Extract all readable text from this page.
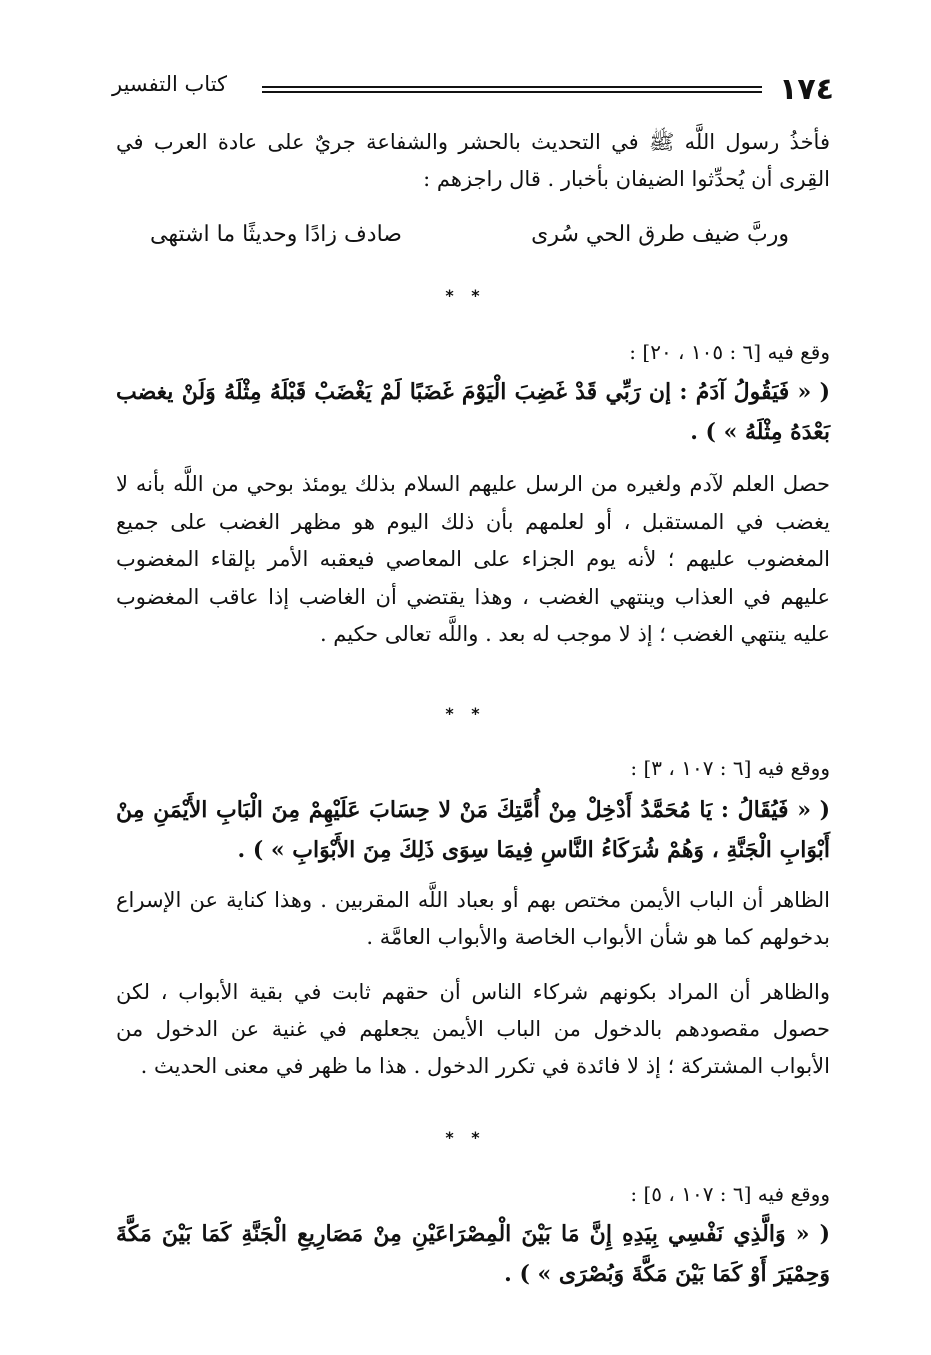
١٧٤
كتاب التفسير
فأخذُ رسول اللَّه ﷺ في التحديث بالحشر والشفاعة جريٌ على عادة العرب في القِرى أن يُحدِّثوا الضيفان بأخبار . قال راجزهم :
وربَّ ضيف طرق الحي سُرى
صادف زادًا وحديثًا ما اشتهى
* *
وقع فيه [٦ : ١٠٥ ، ٢٠] :
( « فَيَقُولُ آدَمُ : إن رَبِّي قَدْ غَضِبَ الْيَوْمَ غَضَبًا لَمْ يَغْضَبْ قَبْلَهُ مِثْلَهُ وَلَنْ يغضب بَعْدَهُ مِثْلَهُ » ) .
حصل العلم لآدم ولغيره من الرسل عليهم السلام بذلك يومئذ بوحي من اللَّه بأنه لا يغضب في المستقبل ، أو لعلمهم بأن ذلك اليوم هو مظهر الغضب على جميع المغضوب عليهم ؛ لأنه يوم الجزاء على المعاصي فيعقبه الأمر بإلقاء المغضوب عليهم في العذاب وينتهي الغضب ، وهذا يقتضي أن الغاضب إذا عاقب المغضوب عليه ينتهي الغضب ؛ إذ لا موجب له بعد . واللَّه تعالى حكيم .
* *
ووقع فيه [٦ : ١٠٧ ، ٣] :
( « فَيُقَالُ : يَا مُحَمَّدُ أَدْخِلْ مِنْ أُمَّتِكَ مَنْ لا حِسَابَ عَلَيْهِمْ مِنَ الْبَابِ الأَيْمَنِ مِنْ أَبْوَابِ الْجَنَّةِ ، وَهُمْ شُرَكَاءُ النَّاسِ فِيمَا سِوَى ذَلِكَ مِنَ الأَبْوَابِ » ) .
الظاهر أن الباب الأيمن مختص بهم أو بعباد اللَّه المقربين . وهذا كناية عن الإسراع بدخولهم كما هو شأن الأبواب الخاصة والأبواب العامَّة .
والظاهر أن المراد بكونهم شركاء الناس أن حقهم ثابت في بقية الأبواب ، لكن حصول مقصودهم بالدخول من الباب الأيمن يجعلهم في غنية عن الدخول من الأبواب المشتركة ؛ إذ لا فائدة في تكرر الدخول . هذا ما ظهر في معنى الحديث .
* *
ووقع فيه [٦ : ١٠٧ ، ٥] :
( « وَالَّذِي نَفْسِي بِيَدِهِ إِنَّ مَا بَيْنَ الْمِصْرَاعَيْنِ مِنْ مَصَارِيعِ الْجَنَّةِ كَمَا بَيْنَ مَكَّةَ وَحِمْيَرَ أَوْ كَمَا بَيْنَ مَكَّةَ وَبُصْرَى » ) .
